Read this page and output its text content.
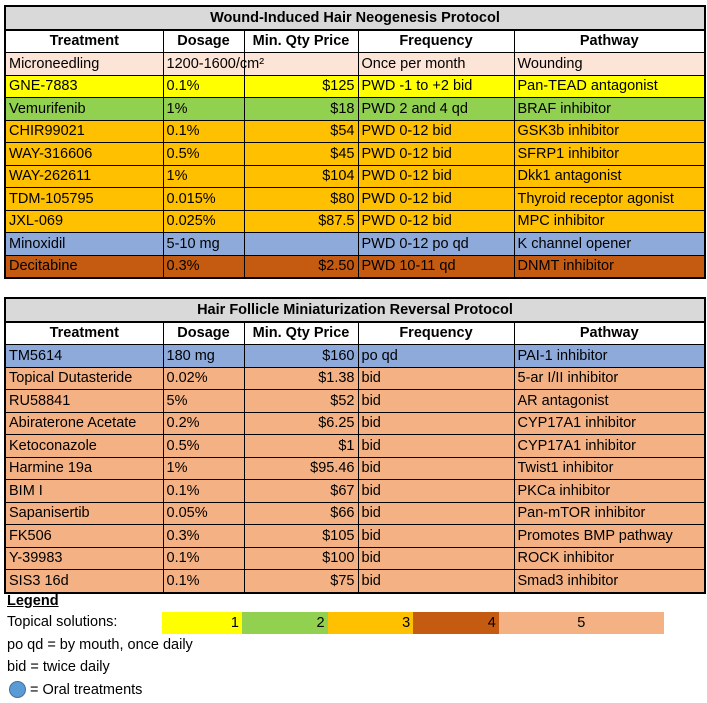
Wound-Induced Hair Neogenesis Protocol				
Treatment	Dosage	Min. Qty Price	Frequency	Pathway
Microneedling	1200-1600/cm²		Once per month	Wounding
GNE-7883	0.1%	$125	PWD -1 to +2 bid	Pan-TEAD antagonist
Vemurifenib	1%	$18	PWD 2 and 4 qd	BRAF inhibitor
CHIR99021	0.1%	$54	PWD 0-12 bid	GSK3b inhibitor
WAY-316606	0.5%	$45	PWD 0-12 bid	SFRP1 inhibitor
WAY-262611	1%	$104	PWD 0-12 bid	Dkk1 antagonist
TDM-105795	0.015%	$80	PWD 0-12 bid	Thyroid receptor agonist
JXL-069	0.025%	$87.5	PWD 0-12 bid	MPC inhibitor
Minoxidil	5-10 mg		PWD 0-12 po qd	K channel opener
Decitabine	0.3%	$2.50	PWD 10-11 qd	DNMT inhibitor
Hair Follicle Miniaturization Reversal Protocol				
Treatment	Dosage	Min. Qty Price	Frequency	Pathway
TM5614	180 mg	$160	po qd	PAI-1 inhibitor
Topical Dutasteride	0.02%	$1.38	bid	5-ar I/II inhibitor
RU58841	5%	$52	bid	AR antagonist
Abiraterone Acetate	0.2%	$6.25	bid	CYP17A1 inhibitor
Ketoconazole	0.5%	$1	bid	CYP17A1 inhibitor
Harmine 19a	1%	$95.46	bid	Twist1 inhibitor
BIM I	0.1%	$67	bid	PKCa inhibitor
Sapanisertib	0.05%	$66	bid	Pan-mTOR inhibitor
FK506	0.3%	$105	bid	Promotes BMP pathway
Y-39983	0.1%	$100	bid	ROCK inhibitor
SIS3 16d	0.1%	$75	bid	Smad3 inhibitor
Legend
Topical solutions:
po qd = by mouth, once daily
bid = twice daily
= Oral treatments
1	2	3	4	5
